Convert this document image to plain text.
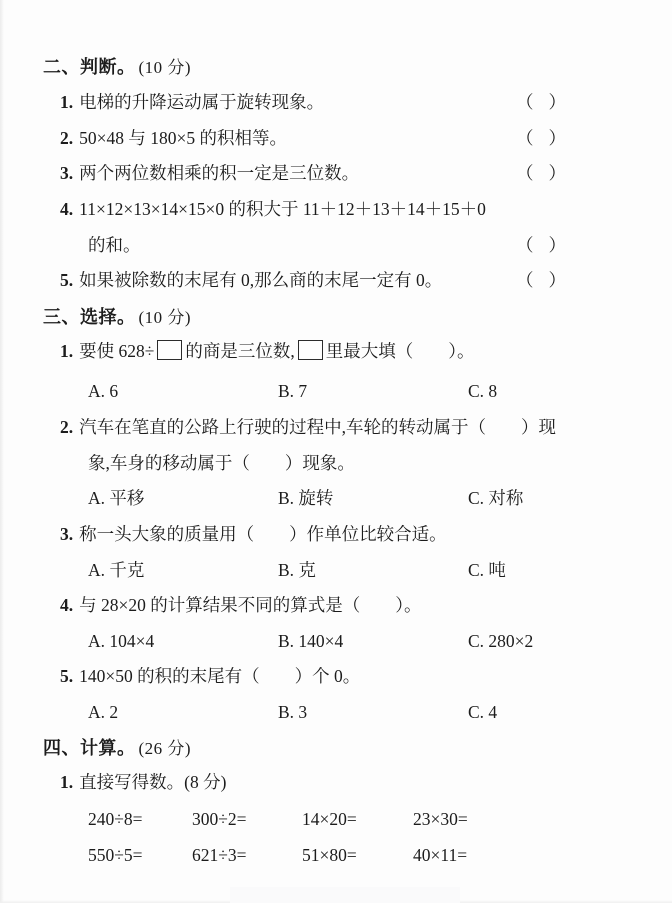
二、判断。 (10 分)
1. 电梯的升降运动属于旋转现象。	（ ）
2. 50×48 与 180×5 的积相等。	（ ）
3. 两个两位数相乘的积一定是三位数。	（ ）
4. 11×12×13×14×15×0 的积大于 11＋12＋13＋14＋15＋0
的和。	（ ）
5. 如果被除数的末尾有 0,那么商的末尾一定有 0。	（ ）
三、选择。 (10 分)
1. 要使 628÷ 的商是三位数, 里最大填（　　）。
A. 6	B. 7	C. 8
2. 汽车在笔直的公路上行驶的过程中,车轮的转动属于（　　）现
象,车身的移动属于（　　）现象。
A. 平移	B. 旋转	C. 对称
3. 称一头大象的质量用（　　）作单位比较合适。
A. 千克	B. 克	C. 吨
4. 与 28×20 的计算结果不同的算式是（　　）。
A. 104×4	B. 140×4	C. 280×2
5. 140×50 的积的末尾有（　　）个 0。
A. 2	B. 3	C. 4
四、计算。 (26 分)
1. 直接写得数。(8 分)
240÷8=	300÷2=	14×20=	23×30=
550÷5=	621÷3=	51×80=	40×11=
